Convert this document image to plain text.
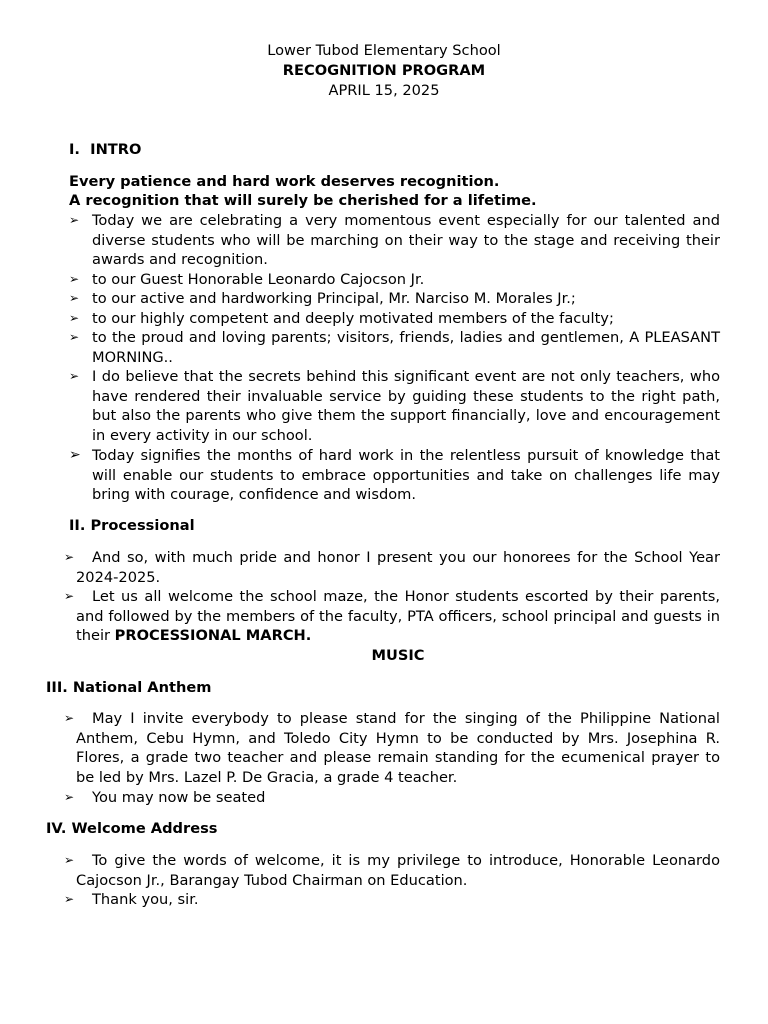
Lower Tubod Elementary School
RECOGNITION PROGRAM
APRIL 15, 2025
I. INTRO
Every patience and hard work deserves recognition.
A recognition that will surely be cherished for a lifetime.
➢ Today we are celebrating a very momentous event especially for our talented and diverse students who will be marching on their way to the stage and receiving their awards and recognition.
➢ to our Guest Honorable Leonardo Cajocson Jr.
➢ to our active and hardworking Principal, Mr. Narciso M. Morales Jr.;
➢ to our highly competent and deeply motivated members of the faculty;
➢ to the proud and loving parents; visitors, friends, ladies and gentlemen, A PLEASANT MORNING..
➢ I do believe that the secrets behind this significant event are not only teachers, who have rendered their invaluable service by guiding these students to the right path, but also the parents who give them the support financially, love and encouragement in every activity in our school.
➢ Today signifies the months of hard work in the relentless pursuit of knowledge that will enable our students to embrace opportunities and take on challenges life may bring with courage, confidence and wisdom.
II. Processional
➢	And so, with much pride and honor I present you our honorees for the School Year 2024-2025.
➢	Let us all welcome the school maze, the Honor students escorted by their parents, and followed by the members of the faculty, PTA officers, school principal and guests in their PROCESSIONAL MARCH.
MUSIC
III. National Anthem
➢	May I invite everybody to please stand for the singing of the Philippine National Anthem, Cebu Hymn, and Toledo City Hymn to be conducted by Mrs. Josephina R. Flores, a grade two teacher and please remain standing for the ecumenical prayer to be led by Mrs. Lazel P. De Gracia, a grade 4 teacher.
➢	You may now be seated
IV. Welcome Address
➢	To give the words of welcome, it is my privilege to introduce, Honorable Leonardo Cajocson Jr., Barangay Tubod Chairman on Education.
➢	Thank you, sir.
